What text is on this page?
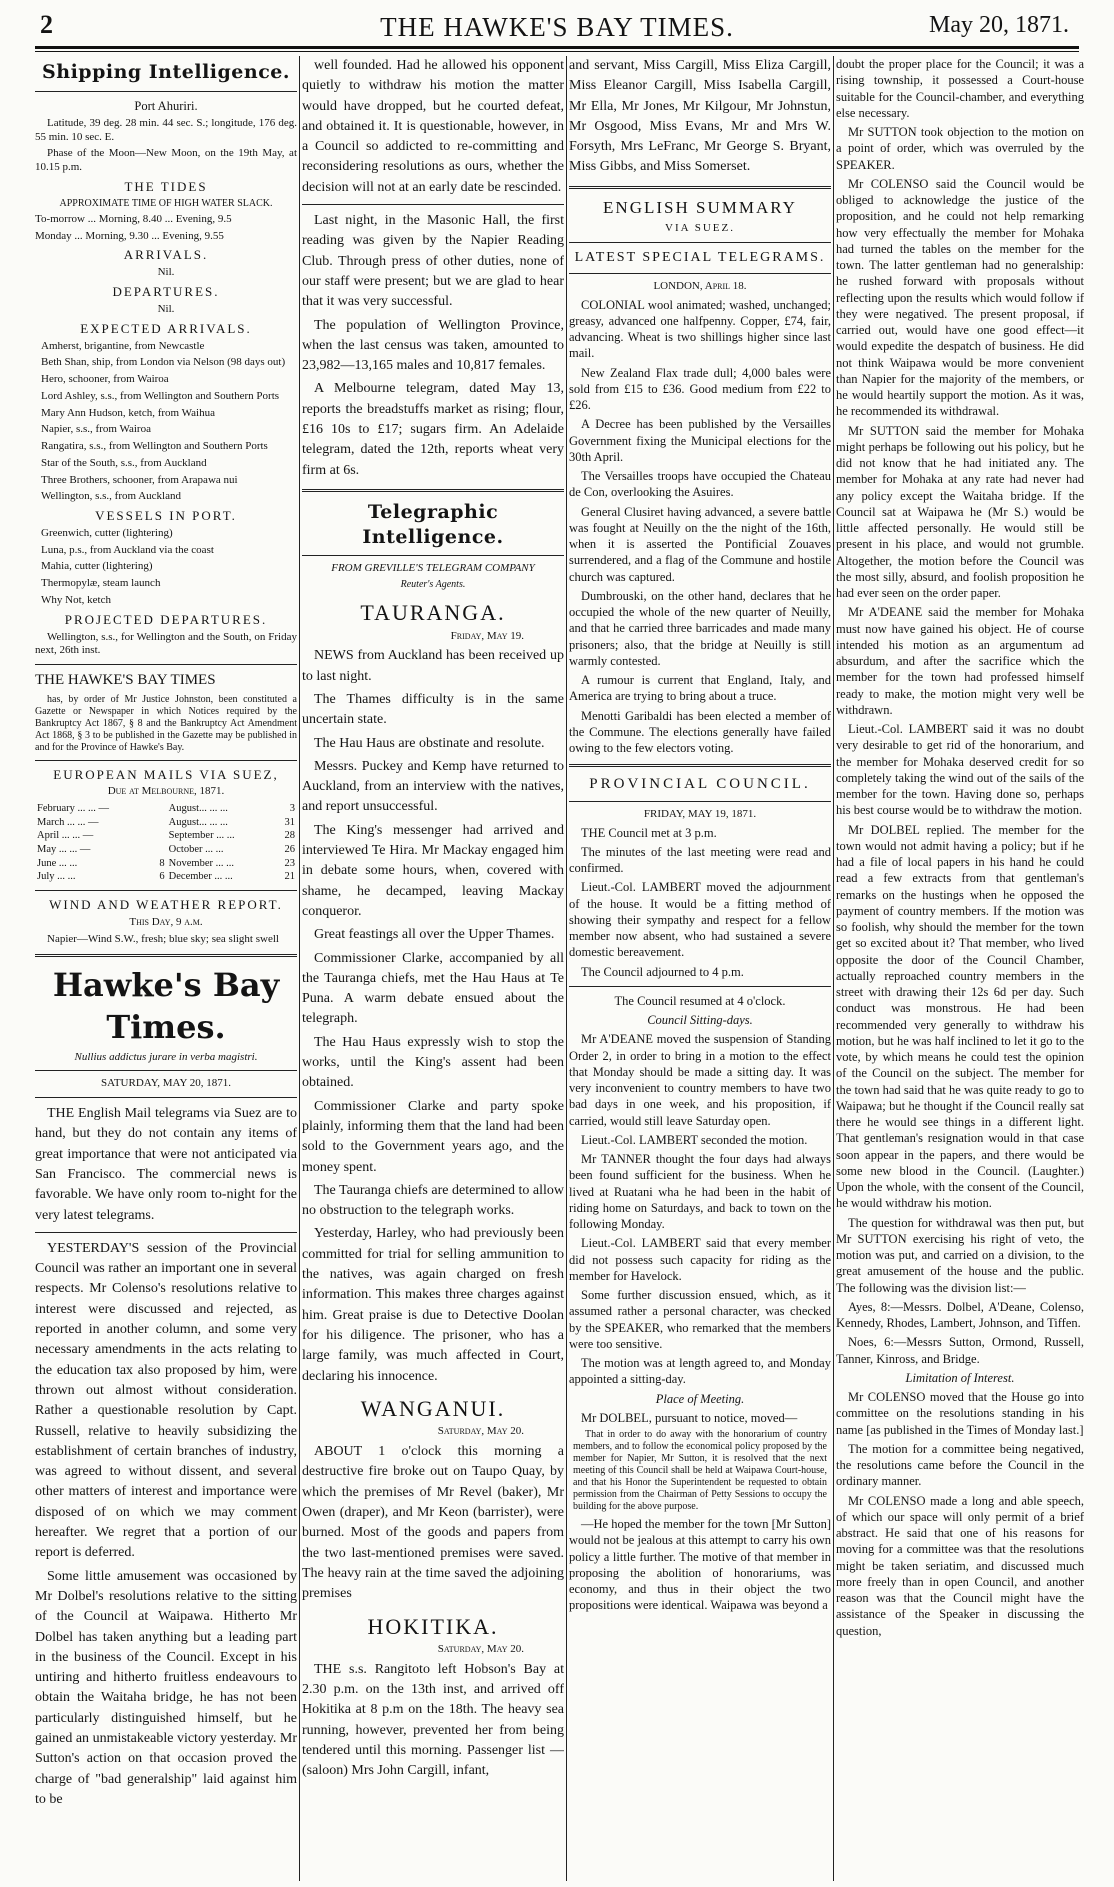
2	THE HAWKE'S BAY TIMES.	May 20, 1871.
Shipping Intelligence.

Port Ahuriri.

Latitude, 39 deg. 28 min. 44 sec. S.; longitude, 176 deg. 55 min. 10 sec. E.

Phase of the Moon—New Moon, on the 19th May, at 10.15 p.m.

THE TIDES

APPROXIMATE TIME OF HIGH WATER SLACK.

To-morrow ... Morning, 8.40 ... Evening, 9.5

Monday ... Morning, 9.30 ... Evening, 9.55

ARRIVALS.

Nil.

DEPARTURES.

Nil.

EXPECTED ARRIVALS.

Amherst, brigantine, from Newcastle

Beth Shan, ship, from London via Nelson (98 days out)

Hero, schooner, from Wairoa

Lord Ashley, s.s., from Wellington and Southern Ports

Mary Ann Hudson, ketch, from Waihua

Napier, s.s., from Wairoa

Rangatira, s.s., from Wellington and Southern Ports

Star of the South, s.s., from Auckland

Three Brothers, schooner, from Arapawa nui

Wellington, s.s., from Auckland

VESSELS IN PORT.

Greenwich, cutter (lightering)

Luna, p.s., from Auckland via the coast

Mahia, cutter (lightering)

Thermopylæ, steam launch

Why Not, ketch

PROJECTED DEPARTURES.

Wellington, s.s., for Wellington and the South, on Friday next, 26th inst.

THE HAWKE'S BAY TIMES

has, by order of Mr Justice Johnston, been constituted a Gazette or Newspaper in which Notices required by the Bankruptcy Act 1867, § 8 and the Bankruptcy Act Amendment Act 1868, § 3 to be published in the Gazette may be published in and for the Province of Hawke's Bay.

EUROPEAN MAILS VIA SUEZ,

Due at Melbourne, 1871.

February ... ... —		August... ... ...	3
March ... ... —		August... ... ...	31
April ... ... —		September ... ...	28
May ... ... —		October ... ...	26
June ... ...	8	November ... ...	23
July ... ...	6	December ... ...	21
WIND AND WEATHER REPORT.

This Day, 9 a.m.

Napier—Wind S.W., fresh; blue sky; sea slight swell

Hawke's Bay Times.

Nullius addictus jurare in verba magistri.

SATURDAY, MAY 20, 1871.

THE English Mail telegrams via Suez are to hand, but they do not contain any items of great importance that were not anticipated via San Francisco. The commercial news is favorable. We have only room to-night for the very latest telegrams.

YESTERDAY'S session of the Provincial Council was rather an important one in several respects. Mr Colenso's resolutions relative to interest were discussed and rejected, as reported in another column, and some very necessary amendments in the acts relating to the education tax also proposed by him, were thrown out almost without consideration. Rather a questionable resolution by Capt. Russell, relative to heavily subsidizing the establishment of certain branches of industry, was agreed to without dissent, and several other matters of interest and importance were disposed of on which we may comment hereafter. We regret that a portion of our report is deferred.

Some little amusement was occasioned by Mr Dolbel's resolutions relative to the sitting of the Council at Waipawa. Hitherto Mr Dolbel has taken anything but a leading part in the business of the Council. Except in his untiring and hitherto fruitless endeavours to obtain the Waitaha bridge, he has not been particularly distinguished himself, but he gained an unmistakeable victory yesterday. Mr Sutton's action on that occasion proved the charge of "bad generalship" laid against him to be

well founded. Had he allowed his opponent quietly to withdraw his motion the matter would have dropped, but he courted defeat, and obtained it. It is questionable, however, in a Council so addicted to re-committing and reconsidering resolutions as ours, whether the decision will not at an early date be rescinded.

Last night, in the Masonic Hall, the first reading was given by the Napier Reading Club. Through press of other duties, none of our staff were present; but we are glad to hear that it was very successful.

The population of Wellington Province, when the last census was taken, amounted to 23,982—13,165 males and 10,817 females.

A Melbourne telegram, dated May 13, reports the breadstuffs market as rising; flour, £16 10s to £17; sugars firm. An Adelaide telegram, dated the 12th, reports wheat very firm at 6s.

Telegraphic Intelligence.

FROM GREVILLE'S TELEGRAM COMPANY

Reuter's Agents.

TAURANGA.

Friday, May 19.

NEWS from Auckland has been received up to last night.

The Thames difficulty is in the same uncertain state.

The Hau Haus are obstinate and resolute.

Messrs. Puckey and Kemp have returned to Auckland, from an interview with the natives, and report unsuccessful.

The King's messenger had arrived and interviewed Te Hira. Mr Mackay engaged him in debate some hours, when, covered with shame, he decamped, leaving Mackay conqueror.

Great feastings all over the Upper Thames.

Commissioner Clarke, accompanied by all the Tauranga chiefs, met the Hau Haus at Te Puna. A warm debate ensued about the telegraph.

The Hau Haus expressly wish to stop the works, until the King's assent had been obtained.

Commissioner Clarke and party spoke plainly, informing them that the land had been sold to the Government years ago, and the money spent.

The Tauranga chiefs are determined to allow no obstruction to the telegraph works.

Yesterday, Harley, who had previously been committed for trial for selling ammunition to the natives, was again charged on fresh information. This makes three charges against him. Great praise is due to Detective Doolan for his diligence. The prisoner, who has a large family, was much affected in Court, declaring his innocence.

WANGANUI.

Saturday, May 20.

ABOUT 1 o'clock this morning a destructive fire broke out on Taupo Quay, by which the premises of Mr Revel (baker), Mr Owen (draper), and Mr Keon (barrister), were burned. Most of the goods and papers from the two last-mentioned premises were saved. The heavy rain at the time saved the adjoining premises

HOKITIKA.

Saturday, May 20.

THE s.s. Rangitoto left Hobson's Bay at 2.30 p.m. on the 13th inst, and arrived off Hokitika at 8 p.m on the 18th. The heavy sea running, however, prevented her from being tendered until this morning. Passenger list —(saloon) Mrs John Cargill, infant,

and servant, Miss Cargill, Miss Eliza Cargill, Miss Eleanor Cargill, Miss Isabella Cargill, Mr Ella, Mr Jones, Mr Kilgour, Mr Johnstun, Mr Osgood, Miss Evans, Mr and Mrs W. Forsyth, Mrs LeFranc, Mr George S. Bryant, Miss Gibbs, and Miss Somerset.

ENGLISH SUMMARY

VIA SUEZ.

LATEST SPECIAL TELEGRAMS.

LONDON, April 18.

COLONIAL wool animated; washed, unchanged; greasy, advanced one halfpenny. Copper, £74, fair, advancing. Wheat is two shillings higher since last mail.

New Zealand Flax trade dull; 4,000 bales were sold from £15 to £36. Good medium from £22 to £26.

A Decree has been published by the Versailles Government fixing the Municipal elections for the 30th April.

The Versailles troops have occupied the Chateau de Con, overlooking the Asuires.

General Clusiret having advanced, a severe battle was fought at Neuilly on the the night of the 16th, when it is asserted the Pontificial Zouaves surrendered, and a flag of the Commune and hostile church was captured.

Dumbrouski, on the other hand, declares that he occupied the whole of the new quarter of Neuilly, and that he carried three barricades and made many prisoners; also, that the bridge at Neuilly is still warmly contested.

A rumour is current that England, Italy, and America are trying to bring about a truce.

Menotti Garibaldi has been elected a member of the Commune. The elections generally have failed owing to the few electors voting.

PROVINCIAL COUNCIL.

FRIDAY, MAY 19, 1871.

THE Council met at 3 p.m.

The minutes of the last meeting were read and confirmed.

Lieut.-Col. LAMBERT moved the adjournment of the house. It would be a fitting method of showing their sympathy and respect for a fellow member now absent, who had sustained a severe domestic bereavement.

The Council adjourned to 4 p.m.

The Council resumed at 4 o'clock.

Council Sitting-days.

Mr A'DEANE moved the suspension of Standing Order 2, in order to bring in a motion to the effect that Monday should be made a sitting day. It was very inconvenient to country members to have two bad days in one week, and his proposition, if carried, would still leave Saturday open.

Lieut.-Col. LAMBERT seconded the motion.

Mr TANNER thought the four days had always been found sufficient for the business. When he lived at Ruatani wha he had been in the habit of riding home on Saturdays, and back to town on the following Monday.

Lieut.-Col. LAMBERT said that every member did not possess such capacity for riding as the member for Havelock.

Some further discussion ensued, which, as it assumed rather a personal character, was checked by the SPEAKER, who remarked that the members were too sensitive.

The motion was at length agreed to, and Monday appointed a sitting-day.

Place of Meeting.

Mr DOLBEL, pursuant to notice, moved—

That in order to do away with the honorarium of country members, and to follow the economical policy proposed by the member for Napier, Mr Sutton, it is resolved that the next meeting of this Council shall be held at Waipawa Court-house, and that his Honor the Superintendent be requested to obtain permission from the Chairman of Petty Sessions to occupy the building for the above purpose.

—He hoped the member for the town [Mr Sutton] would not be jealous at this attempt to carry his own policy a little further. The motive of that member in proposing the abolition of honorariums, was economy, and thus in their object the two propositions were identical. Waipawa was beyond a

doubt the proper place for the Council; it was a rising township, it possessed a Court-house suitable for the Council-chamber, and everything else necessary.

Mr SUTTON took objection to the motion on a point of order, which was overruled by the SPEAKER.

Mr COLENSO said the Council would be obliged to acknowledge the justice of the proposition, and he could not help remarking how very effectually the member for Mohaka had turned the tables on the member for the town. The latter gentleman had no generalship: he rushed forward with proposals without reflecting upon the results which would follow if they were negatived. The present proposal, if carried out, would have one good effect—it would expedite the despatch of business. He did not think Waipawa would be more convenient than Napier for the majority of the members, or he would heartily support the motion. As it was, he recommended its withdrawal.

Mr SUTTON said the member for Mohaka might perhaps be following out his policy, but he did not know that he had initiated any. The member for Mohaka at any rate had never had any policy except the Waitaha bridge. If the Council sat at Waipawa he (Mr S.) would be little affected personally. He would still be present in his place, and would not grumble. Altogether, the motion before the Council was the most silly, absurd, and foolish proposition he had ever seen on the order paper.

Mr A'DEANE said the member for Mohaka must now have gained his object. He of course intended his motion as an argumentum ad absurdum, and after the sacrifice which the member for the town had professed himself ready to make, the motion might very well be withdrawn.

Lieut.-Col. LAMBERT said it was no doubt very desirable to get rid of the honorarium, and the member for Mohaka deserved credit for so completely taking the wind out of the sails of the member for the town. Having done so, perhaps his best course would be to withdraw the motion.

Mr DOLBEL replied. The member for the town would not admit having a policy; but if he had a file of local papers in his hand he could read a few extracts from that gentleman's remarks on the hustings when he opposed the payment of country members. If the motion was so foolish, why should the member for the town get so excited about it? That member, who lived opposite the door of the Council Chamber, actually reproached country members in the street with drawing their 12s 6d per day. Such conduct was monstrous. He had been recommended very generally to withdraw his motion, but he was half inclined to let it go to the vote, by which means he could test the opinion of the Council on the subject. The member for the town had said that he was quite ready to go to Waipawa; but he thought if the Council really sat there he would see things in a different light. That gentleman's resignation would in that case soon appear in the papers, and there would be some new blood in the Council. (Laughter.) Upon the whole, with the consent of the Council, he would withdraw his motion.

The question for withdrawal was then put, but Mr SUTTON exercising his right of veto, the motion was put, and carried on a division, to the great amusement of the house and the public. The following was the division list:—

Ayes, 8:—Messrs. Dolbel, A'Deane, Colenso, Kennedy, Rhodes, Lambert, Johnson, and Tiffen.

Noes, 6:—Messrs Sutton, Ormond, Russell, Tanner, Kinross, and Bridge.

Limitation of Interest.

Mr COLENSO moved that the House go into committee on the resolutions standing in his name [as published in the Times of Monday last.]

The motion for a committee being negatived, the resolutions came before the Council in the ordinary manner.

Mr COLENSO made a long and able speech, of which our space will only permit of a brief abstract. He said that one of his reasons for moving for a committee was that the resolutions might be taken seriatim, and discussed much more freely than in open Council, and another reason was that the Council might have the assistance of the Speaker in discussing the question,
